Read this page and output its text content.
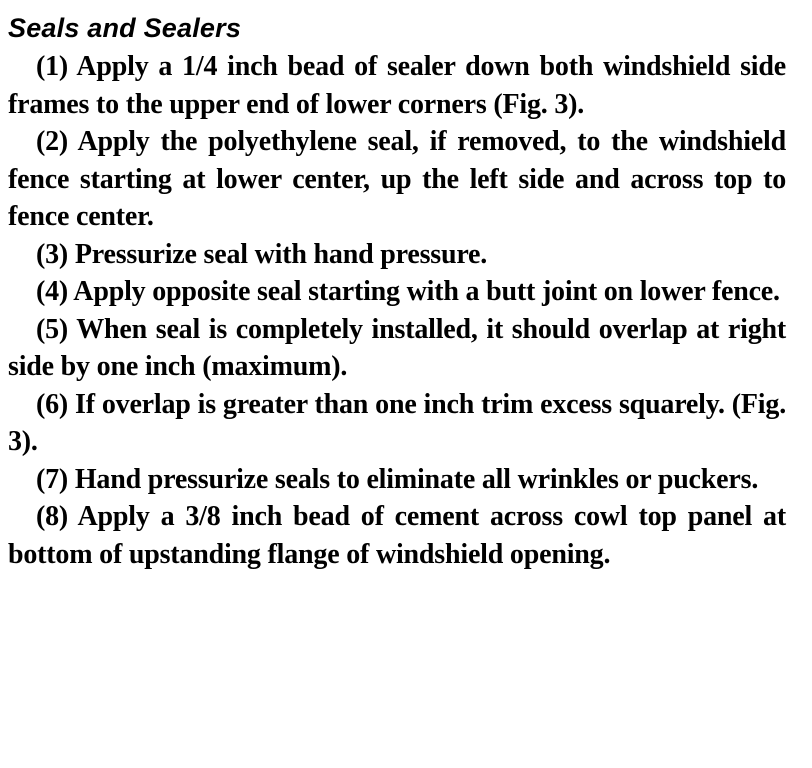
Seals and Sealers

(1) Apply a 1/4 inch bead of sealer down both windshield side frames to the upper end of lower corners (Fig. 3).

(2) Apply the polyethylene seal, if removed, to the windshield fence starting at lower center, up the left side and across top to fence center.

(3) Pressurize seal with hand pressure.

(4) Apply opposite seal starting with a butt joint on lower fence.

(5) When seal is completely installed, it should overlap at right side by one inch (maximum).

(6) If overlap is greater than one inch trim excess squarely. (Fig. 3).

(7) Hand pressurize seals to eliminate all wrinkles or puckers.

(8) Apply a 3/8 inch bead of cement across cowl top panel at bottom of upstanding flange of windshield opening.
